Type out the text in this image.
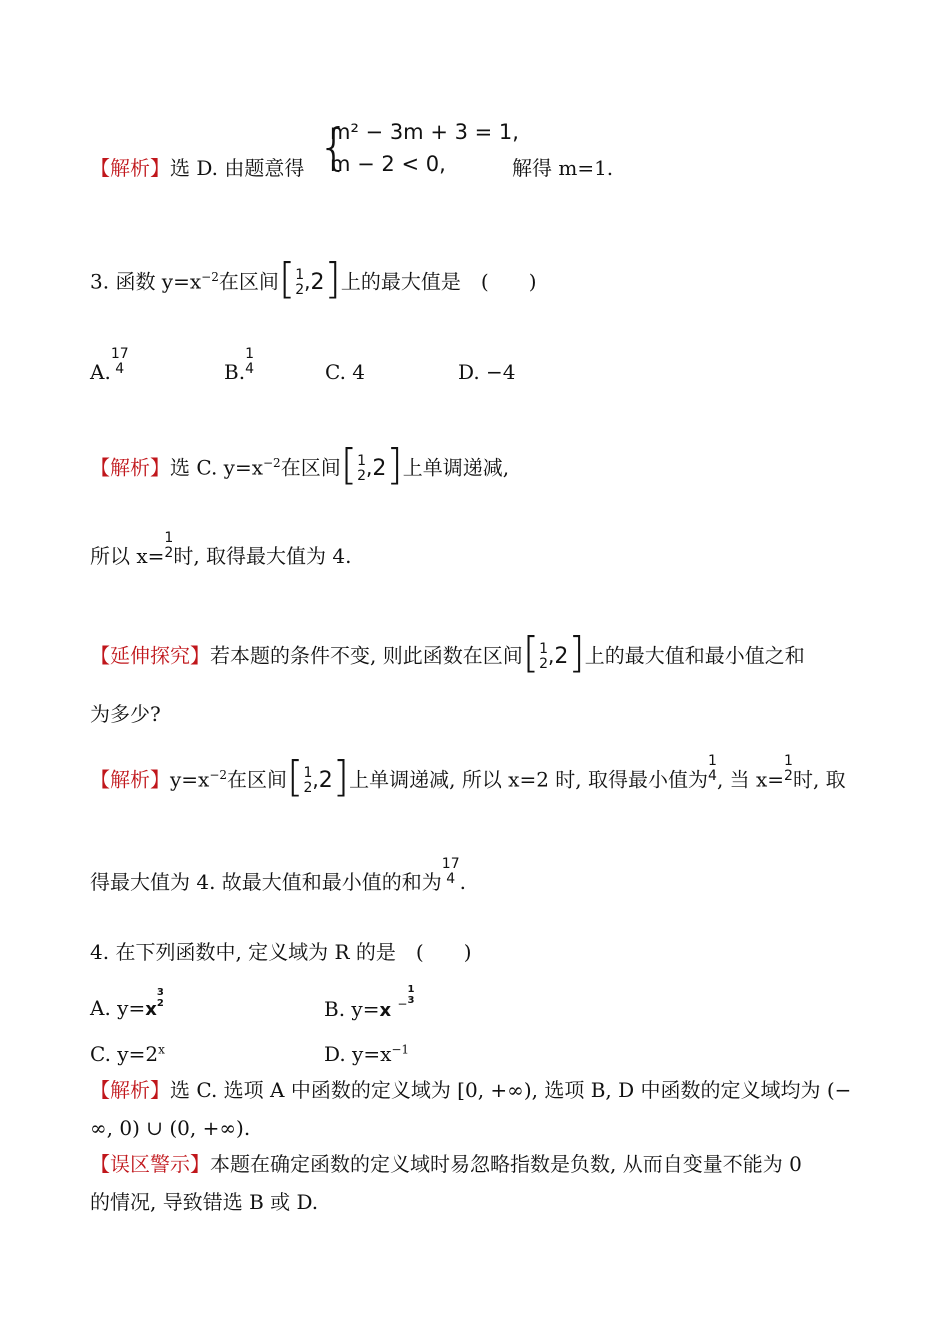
{
m² − 3m + 3 = 1,
m − 2 < 0,
【解析】选 D. 由题意得	解得 m=1.
3. 函数 $y=x^{-2}$在区间[ 1
2 ,2]上的最大值是　(　　)
A.
17
4	B.
1
4	C. 4	D. −4
【解析】选 C. $y=x^{-2}$在区间[ 1
2 ,2]上单调递减,
所以 x=
1
2 时, 取得最大值为 4.
【延伸探究】若本题的条件不变, 则此函数在区间[ 1
2 ,2]上的最大值和最小值之和
为多少?
【解析】$y=x^{-2}$在区间[ 1
2 ,2]上单调递减, 所以 x=2 时, 取得最小值为
1
4 , 当 x=
1
2 时, 取
得最大值为 4. 故最大值和最小值的和为
17
4 .
4. 在下列函数中, 定义域为 R 的是　(　　)
A. y=x
3
2	B. y=x −
1
3
C. $y=2^x$	D. $y=x^{-1}$
【解析】选 C. 选项 A 中函数的定义域为 [0, +∞), 选项 B, D 中函数的定义域均为 (−
∞, 0) ∪ (0, +∞).
【误区警示】本题在确定函数的定义域时易忽略指数是负数, 从而自变量不能为 0
的情况, 导致错选 B 或 D.
